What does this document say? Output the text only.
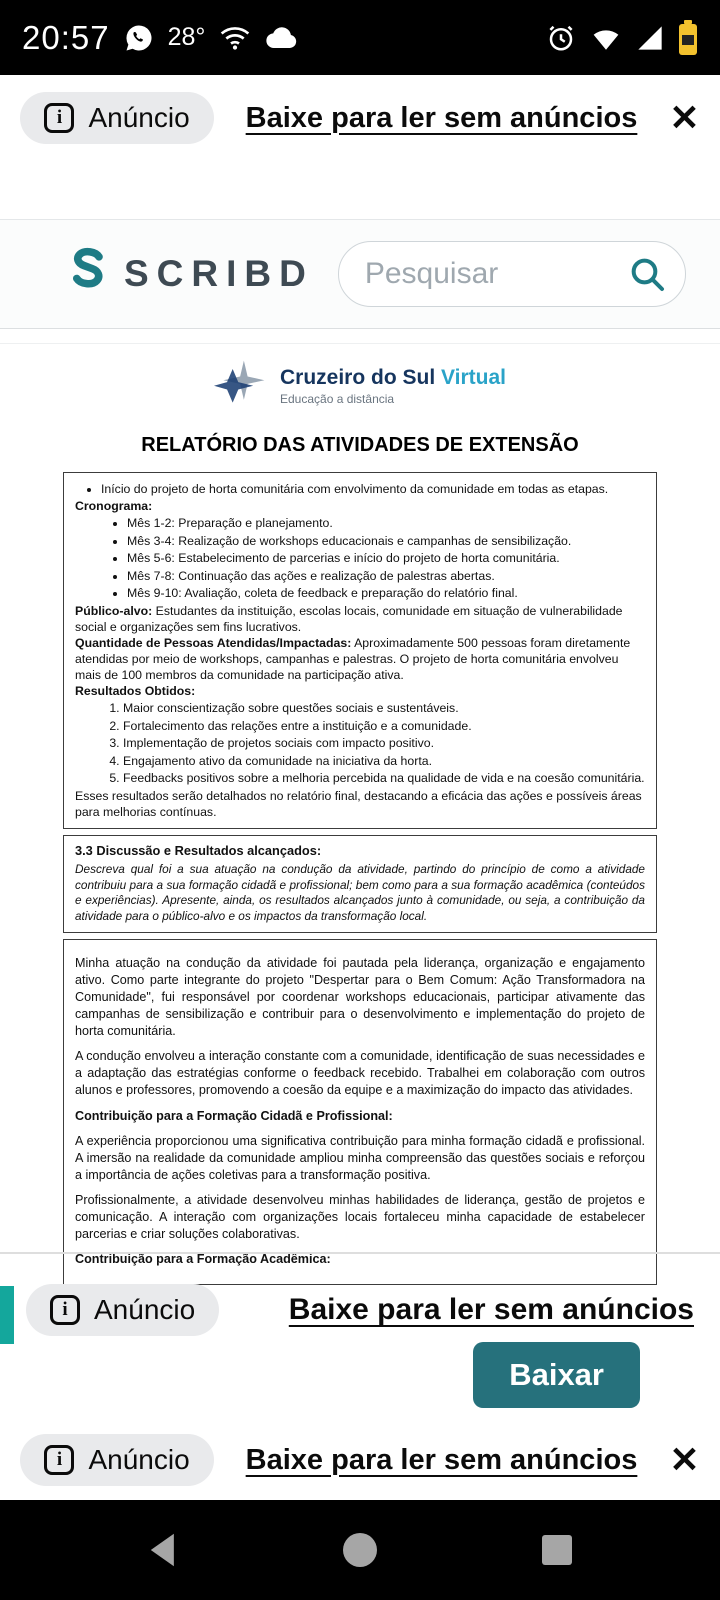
20:57 28°
i Anúncio Baixe para ler sem anúncios ✕
SCRIBD
Pesquisar
Cruzeiro do Sul Virtual
Educação a distância
RELATÓRIO DAS ATIVIDADES DE EXTENSÃO
• Início do projeto de horta comunitária com envolvimento da comunidade em todas as etapas.
Cronograma:
• Mês 1-2: Preparação e planejamento.
• Mês 3-4: Realização de workshops educacionais e campanhas de sensibilização.
• Mês 5-6: Estabelecimento de parcerias e início do projeto de horta comunitária.
• Mês 7-8: Continuação das ações e realização de palestras abertas.
• Mês 9-10: Avaliação, coleta de feedback e preparação do relatório final.
Público-alvo: Estudantes da instituição, escolas locais, comunidade em situação de vulnerabilidade social e organizações sem fins lucrativos.
Quantidade de Pessoas Atendidas/Impactadas: Aproximadamente 500 pessoas foram diretamente atendidas por meio de workshops, campanhas e palestras. O projeto de horta comunitária envolveu mais de 100 membros da comunidade na participação ativa.
Resultados Obtidos:
1. Maior conscientização sobre questões sociais e sustentáveis.
2. Fortalecimento das relações entre a instituição e a comunidade.
3. Implementação de projetos sociais com impacto positivo.
4. Engajamento ativo da comunidade na iniciativa da horta.
5. Feedbacks positivos sobre a melhoria percebida na qualidade de vida e na coesão comunitária.
Esses resultados serão detalhados no relatório final, destacando a eficácia das ações e possíveis áreas para melhorias contínuas.
3.3 Discussão e Resultados alcançados:
Descreva qual foi a sua atuação na condução da atividade, partindo do princípio de como a atividade contribuiu para a sua formação cidadã e profissional; bem como para a sua formação acadêmica (conteúdos e experiências). Apresente, ainda, os resultados alcançados junto à comunidade, ou seja, a contribuição da atividade para o público-alvo e os impactos da transformação local.

Minha atuação na condução da atividade foi pautada pela liderança, organização e engajamento ativo. Como parte integrante do projeto "Despertar para o Bem Comum: Ação Transformadora na Comunidade", fui responsável por coordenar workshops educacionais, participar ativamente das campanhas de sensibilização e contribuir para o desenvolvimento e implementação do projeto de horta comunitária.

A condução envolveu a interação constante com a comunidade, identificação de suas necessidades e a adaptação das estratégias conforme o feedback recebido. Trabalhei em colaboração com outros alunos e professores, promovendo a coesão da equipe e a maximização do impacto das atividades.

Contribuição para a Formação Cidadã e Profissional:

A experiência proporcionou uma significativa contribuição para minha formação cidadã e profissional. A imersão na realidade da comunidade ampliou minha compreensão das questões sociais e reforçou a importância de ações coletivas para a transformação positiva.

Profissionalmente, a atividade desenvolveu minhas habilidades de liderança, gestão de projetos e comunicação. A interação com organizações locais fortaleceu minha capacidade de estabelecer parcerias e criar soluções colaborativas.

Contribuição para a Formação Acadêmica:

i Anúncio	Baixe para ler sem anúncios
Baixar
i Anúncio Baixe para ler sem anúncios ✕
